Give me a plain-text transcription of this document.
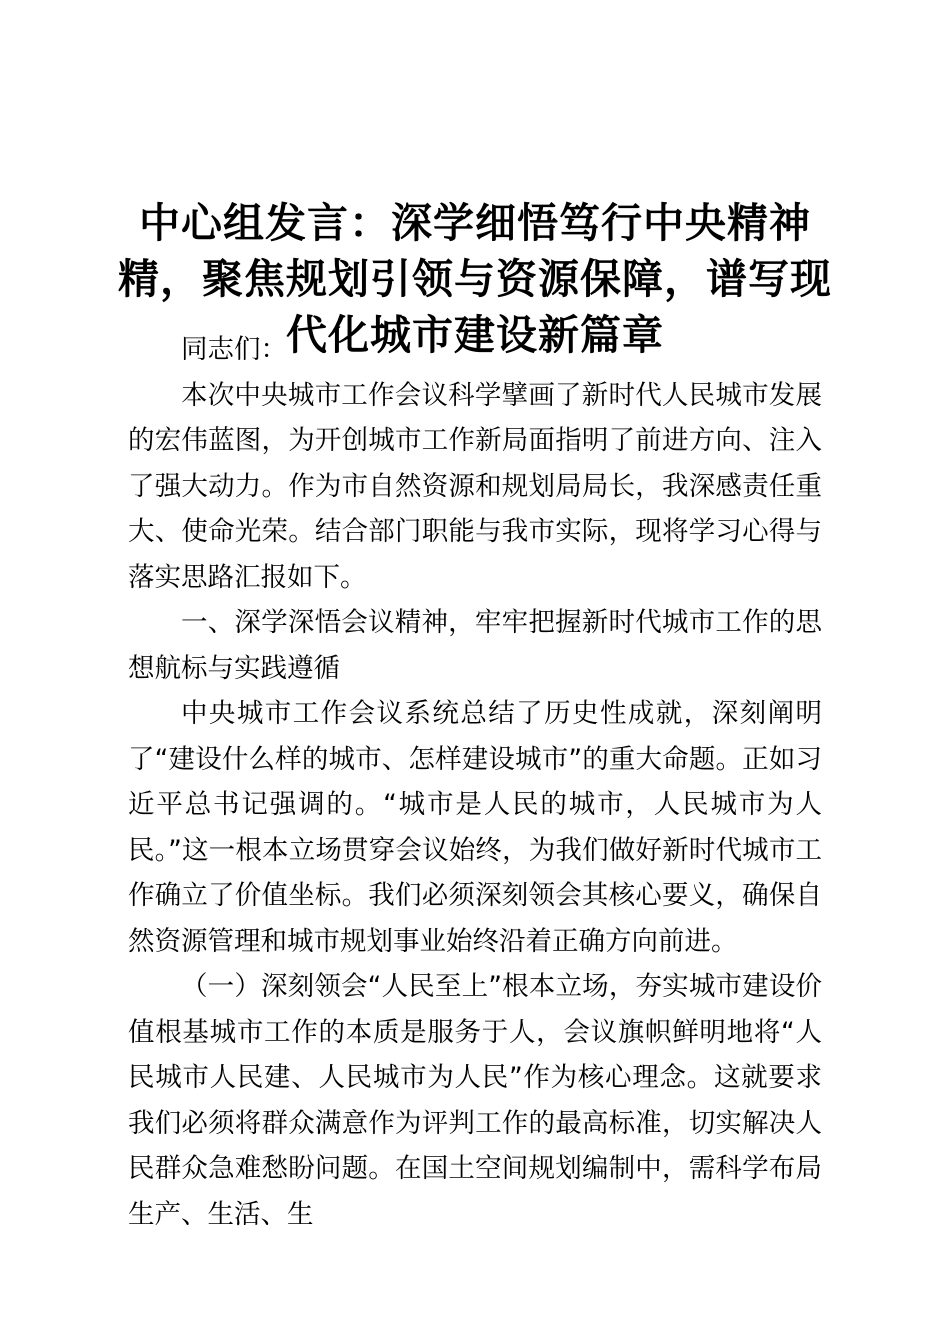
中心组发言：深学细悟笃行中央精神精，聚焦规划引领与资源保障，谱写现代化城市建设新篇章

同志们：

本次中央城市工作会议科学擘画了新时代人民城市发展的宏伟蓝图，为开创城市工作新局面指明了前进方向、注入了强大动力。作为市自然资源和规划局局长，我深感责任重大、使命光荣。结合部门职能与我市实际，现将学习心得与落实思路汇报如下。

一、深学深悟会议精神，牢牢把握新时代城市工作的思想航标与实践遵循

中央城市工作会议系统总结了历史性成就，深刻阐明了“建设什么样的城市、怎样建设城市”的重大命题。正如习近平总书记强调的。“城市是人民的城市，人民城市为人民。”这一根本立场贯穿会议始终，为我们做好新时代城市工作确立了价值坐标。我们必须深刻领会其核心要义，确保自然资源管理和城市规划事业始终沿着正确方向前进。

（一）深刻领会“人民至上”根本立场，夯实城市建设价值根基城市工作的本质是服务于人，会议旗帜鲜明地将“人民城市人民建、人民城市为人民”作为核心理念。这就要求我们必须将群众满意作为评判工作的最高标准，切实解决人民群众急难愁盼问题。在国土空间规划编制中，需科学布局生产、生活、生
